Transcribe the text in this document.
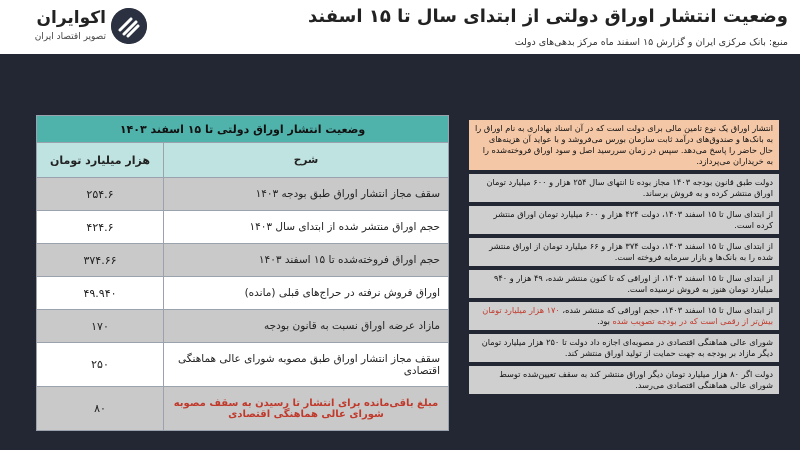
اکوایران
تصویر اقتصاد ایران
وضعیت انتشار اوراق دولتی از ابتدای سال تا ۱۵ اسفند
منبع: بانک مرکزی ایران و گزارش ۱۵ اسفند ماه مرکز بدهی‌های دولت
وضعیت انتشار اوراق دولتی تا ۱۵ اسفند ۱۴۰۳	
شرح	هزار میلیارد تومان
سقف مجاز انتشار اوراق طبق بودجه ۱۴۰۳	۲۵۴.۶
حجم اوراق منتشر شده از ابتدای سال ۱۴۰۳	۴۲۴.۶
حجم اوراق فروخته‌شده تا ۱۵ اسفند ۱۴۰۳	۳۷۴.۶۶
اوراق فروش نرفته در حراج‌های قبلی (مانده)	۴۹.۹۴۰
مازاد عرضه اوراق نسبت به قانون بودجه	۱۷۰
سقف مجاز انتشار اوراق طبق مصوبه شورای عالی هماهنگی اقتصادی	۲۵۰
مبلغ باقی‌مانده برای انتشار تا رسیدن به سقف مصوبه شورای عالی هماهنگی اقتصادی	۸۰
انتشار اوراق یک نوع تامین مالی برای دولت است که در آن اسناد بهاداری به نام اوراق را به بانک‌ها و صندوق‌های درآمد ثابت سازمان بورس می‌فروشد و با عواید آن هزینه‌های حال حاضر را پاسخ می‌دهد. سپس در زمان سررسید اصل و سود اوراق فروخته‌شده را به خریداران می‌پردازد.
دولت طبق قانون بودجه ۱۴۰۳ مجاز بوده تا انتهای سال ۲۵۴ هزار و ۶۰۰ میلیارد تومان اوراق منتشر کرده و به فروش برساند.
از ابتدای سال تا ۱۵ اسفند ۱۴۰۳، دولت ۴۲۴ هزار و ۶۰۰ میلیارد تومان اوراق منتشر کرده است.
از ابتدای سال تا ۱۵ اسفند ۱۴۰۳، دولت ۳۷۴ هزار و ۶۶ میلیارد تومان از اوراق منتشر شده را به بانک‌ها و بازار سرمایه فروخته است.
از ابتدای سال تا ۱۵ اسفند ۱۴۰۳، از اوراقی که تا کنون منتشر شده، ۴۹ هزار و ۹۴۰ میلیارد تومان هنوز به فروش نرسیده است.
از ابتدای سال تا ۱۵ اسفند ۱۴۰۳، حجم اوراقی که منتشر شده، ۱۷۰ هزار میلیارد تومان بیش‌تر از رقمی است که در بودجه تصویب شده بود.
شورای عالی هماهنگی اقتصادی در مصوبه‌ای اجازه داد دولت تا ۲۵۰ هزار میلیارد تومان دیگر مازاد بر بودجه به جهت حمایت از تولید اوراق منتشر کند.
دولت اگر ۸۰ هزار میلیارد تومان دیگر اوراق منتشر کند به سقف تعیین‌شده توسط شورای عالی هماهنگی اقتصادی می‌رسد.
